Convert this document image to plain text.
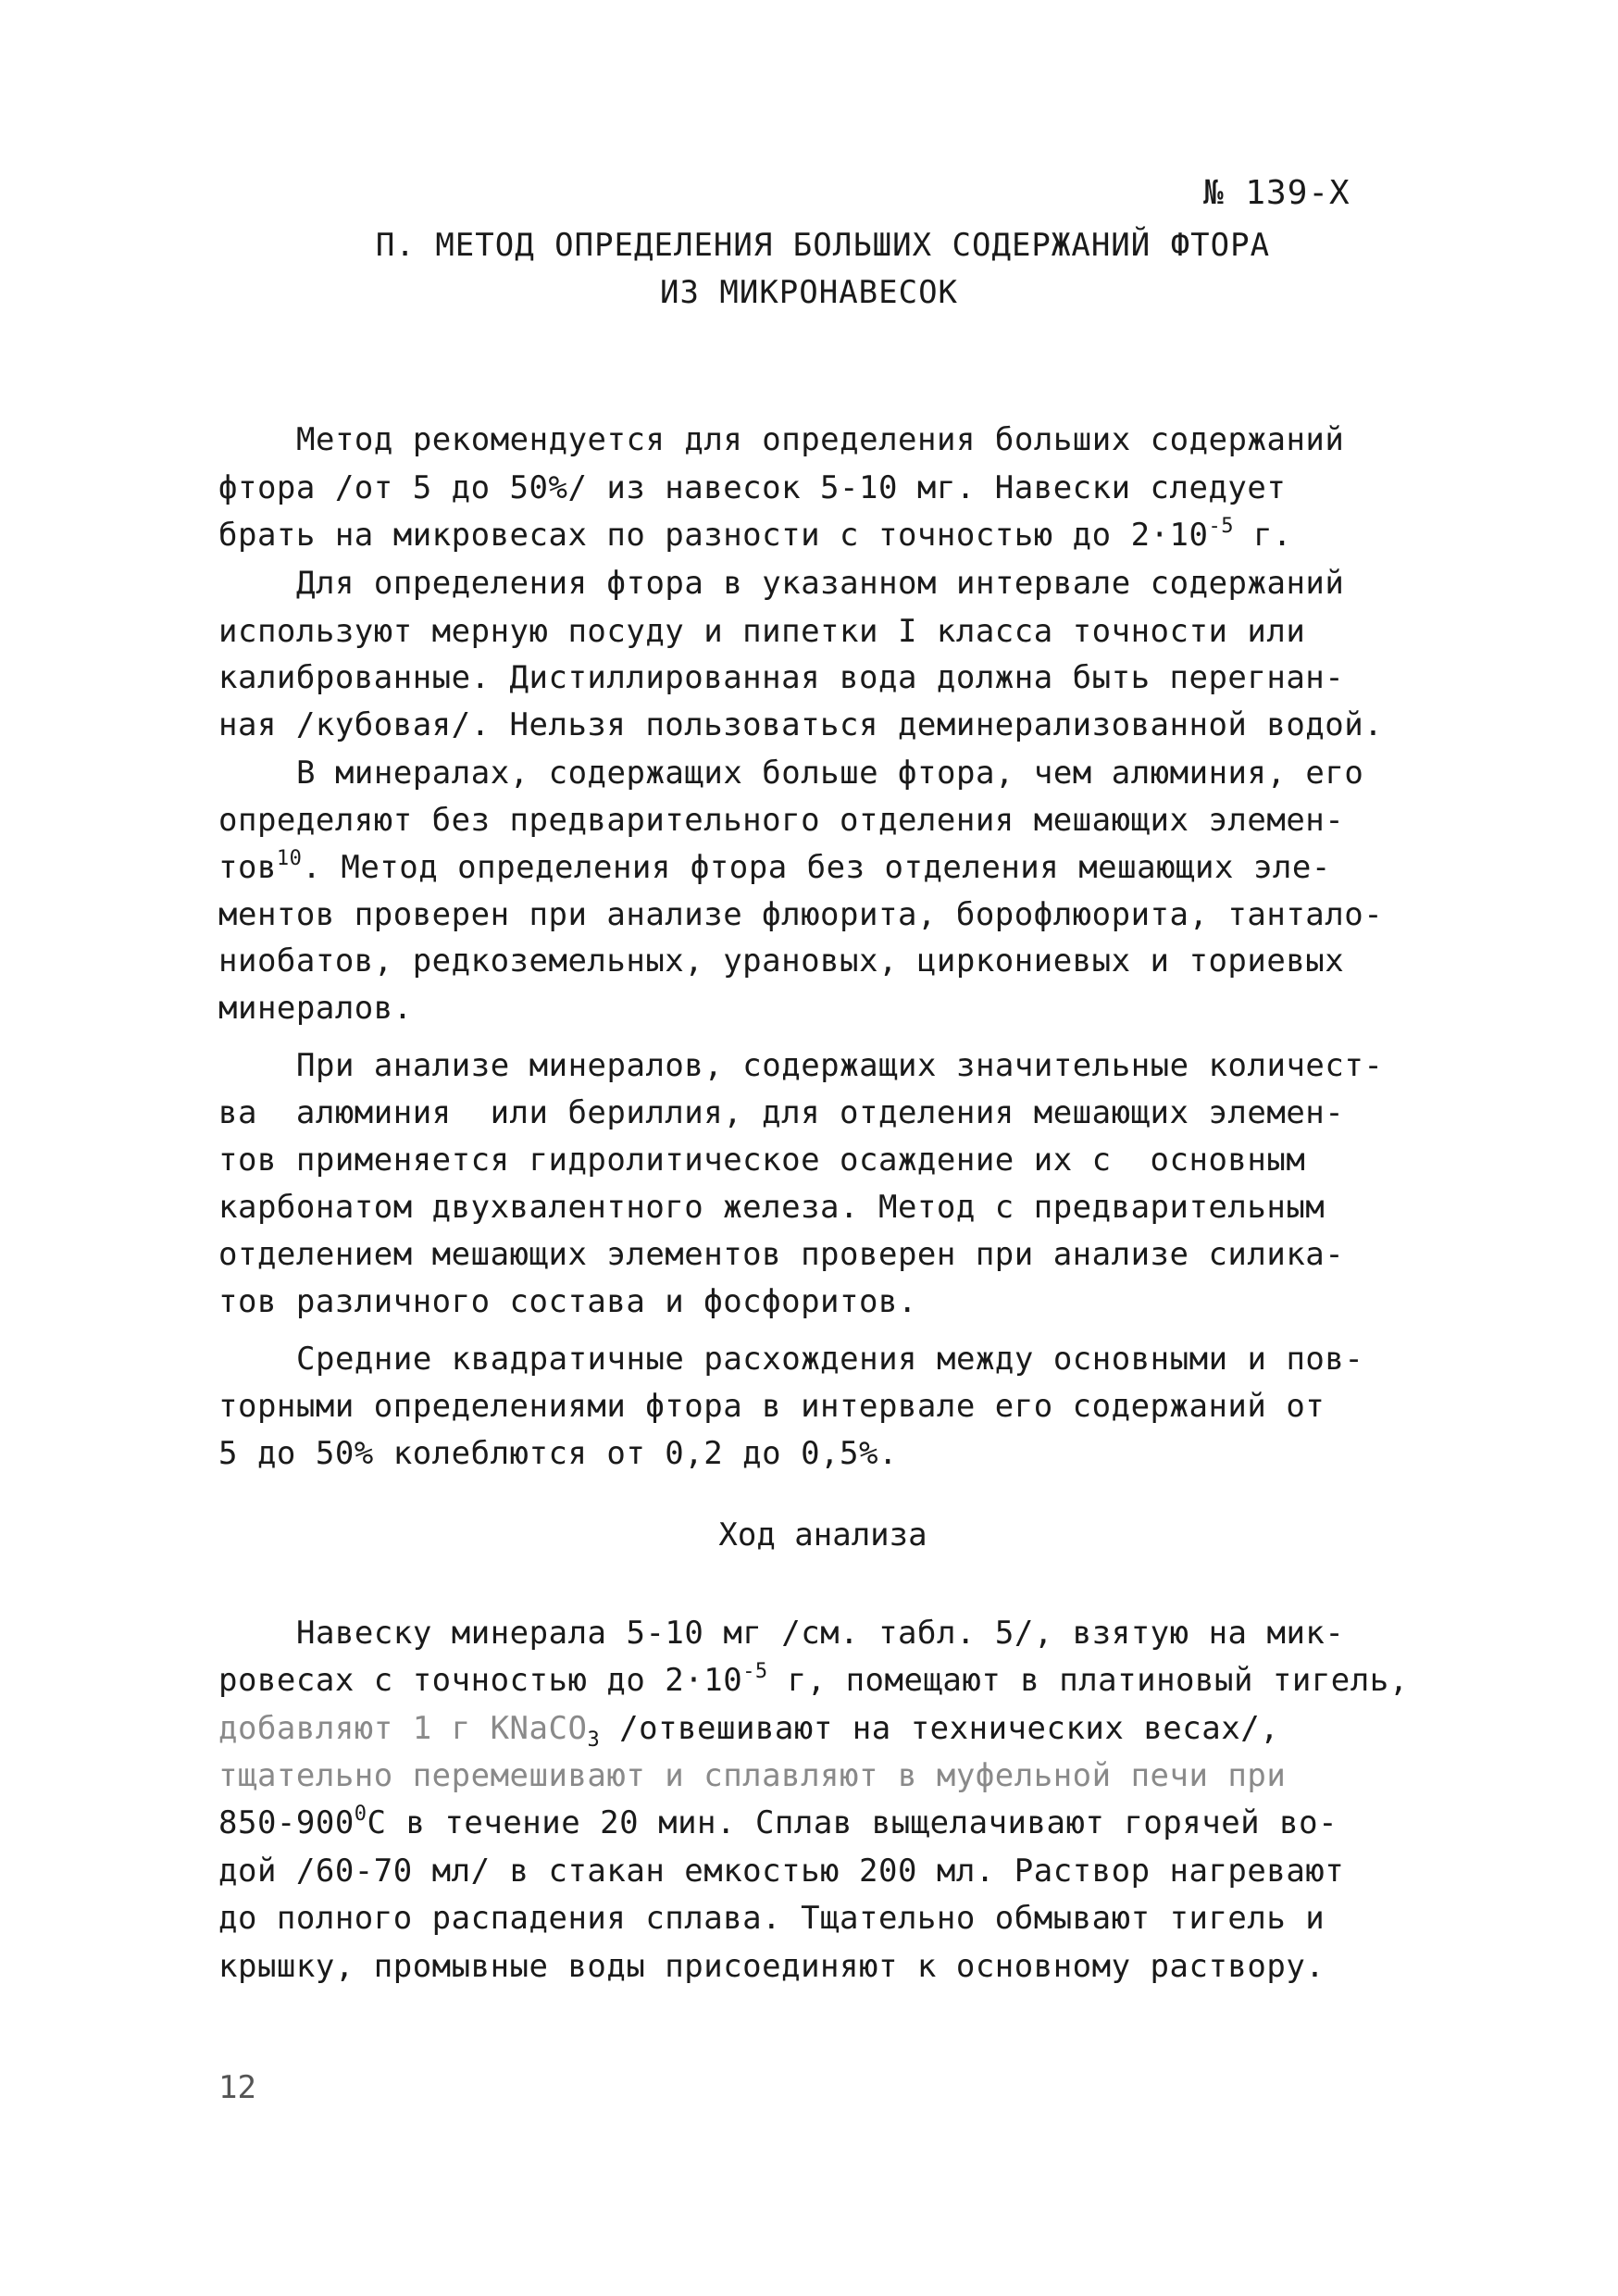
№ 139-Х
П. МЕТОД ОПРЕДЕЛЕНИЯ БОЛЬШИХ СОДЕРЖАНИЙ ФТОРА
ИЗ МИКРОНАВЕСОК
Метод рекомендуется для определения больших содержаний
фтора /от 5 до 50%/ из навесок 5-10 мг. Навески следует
брать на микровесах по разности с точностью до $2\cdot 10^{-5}$ г.
Для определения фтора в указанном интервале содержаний
используют мерную посуду и пипетки I класса точности или
калиброванные. Дистиллированная вода должна быть перегнан-
ная /кубовая/. Нельзя пользоваться деминерализованной водой.
В минералах, содержащих больше фтора, чем алюминия, его
определяют без предварительного отделения мешающих элемен-
тов$^{10}$. Метод определения фтора без отделения мешающих эле-
ментов проверен при анализе флюорита, борофлюорита, тантало-
ниобатов, редкоземельных, урановых, циркониевых и ториевых
минералов.
При анализе минералов, содержащих значительные количест-
ва  алюминия  или бериллия, для отделения мешающих элемен-
тов применяется гидролитическое осаждение их с  основным
карбонатом двухвалентного железа. Метод с предварительным
отделением мешающих элементов проверен при анализе силика-
тов различного состава и фосфоритов.
Средние квадратичные расхождения между основными и пов-
торными определениями фтора в интервале его содержаний от
5 до 50% колеблются от 0,2 до 0,5%.
Ход анализа
Навеску минерала 5-10 мг /см. табл. 5/, взятую на мик-
ровесах с точностью до $2\cdot 10^{-5}$ г, помещают в платиновый тигель,
добавляют 1 г KNaCO$_3$ /отвешивают на технических весах/,
тщательно перемешивают и сплавляют в муфельной печи при
$850-900^0С$ в течение 20 мин. Сплав выщелачивают горячей во-
дой /60-70 мл/ в стакан емкостью 200 мл. Раствор нагревают
до полного распадения сплава. Тщательно обмывают тигель и
крышку, промывные воды присоединяют к основному раствору.
12
